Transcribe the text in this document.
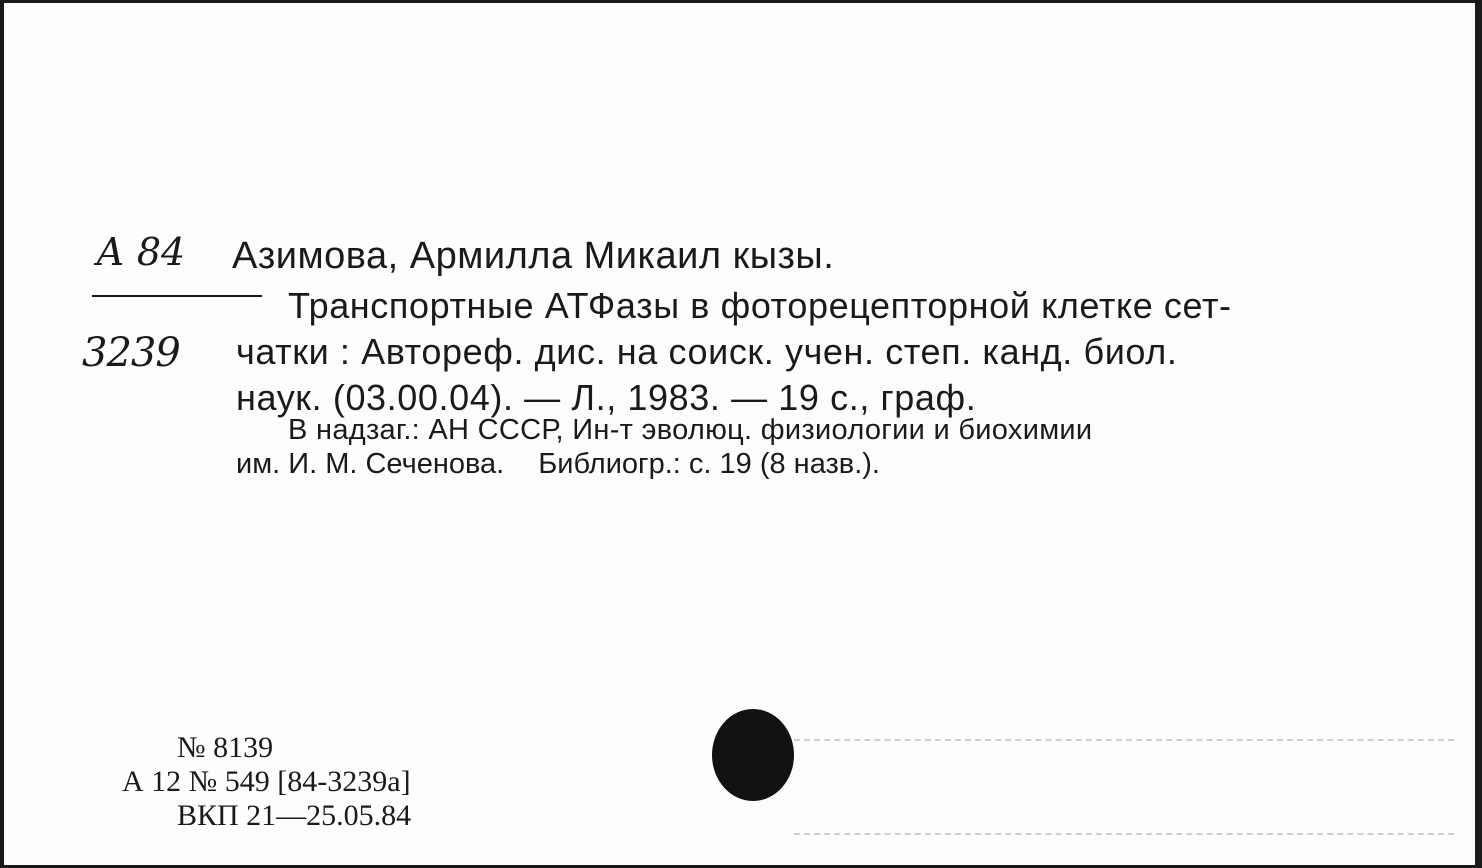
А 84
3239
Азимова, Армилла Микаил кызы.
Транспортные АТФазы в фоторецепторной клетке сет-
чатки : Автореф. дис. на соиск. учен. степ. канд. биол.
наук. (03.00.04). — Л., 1983. — 19 с., граф.
В надзаг.: АН СССР, Ин-т эволюц. физиологии и биохимии
им. И. М. Сеченова. Библиогр.: с. 19 (8 назв.).
№ 8139
А 12 № 549 [84-3239а]
ВКП 21—25.05.84
